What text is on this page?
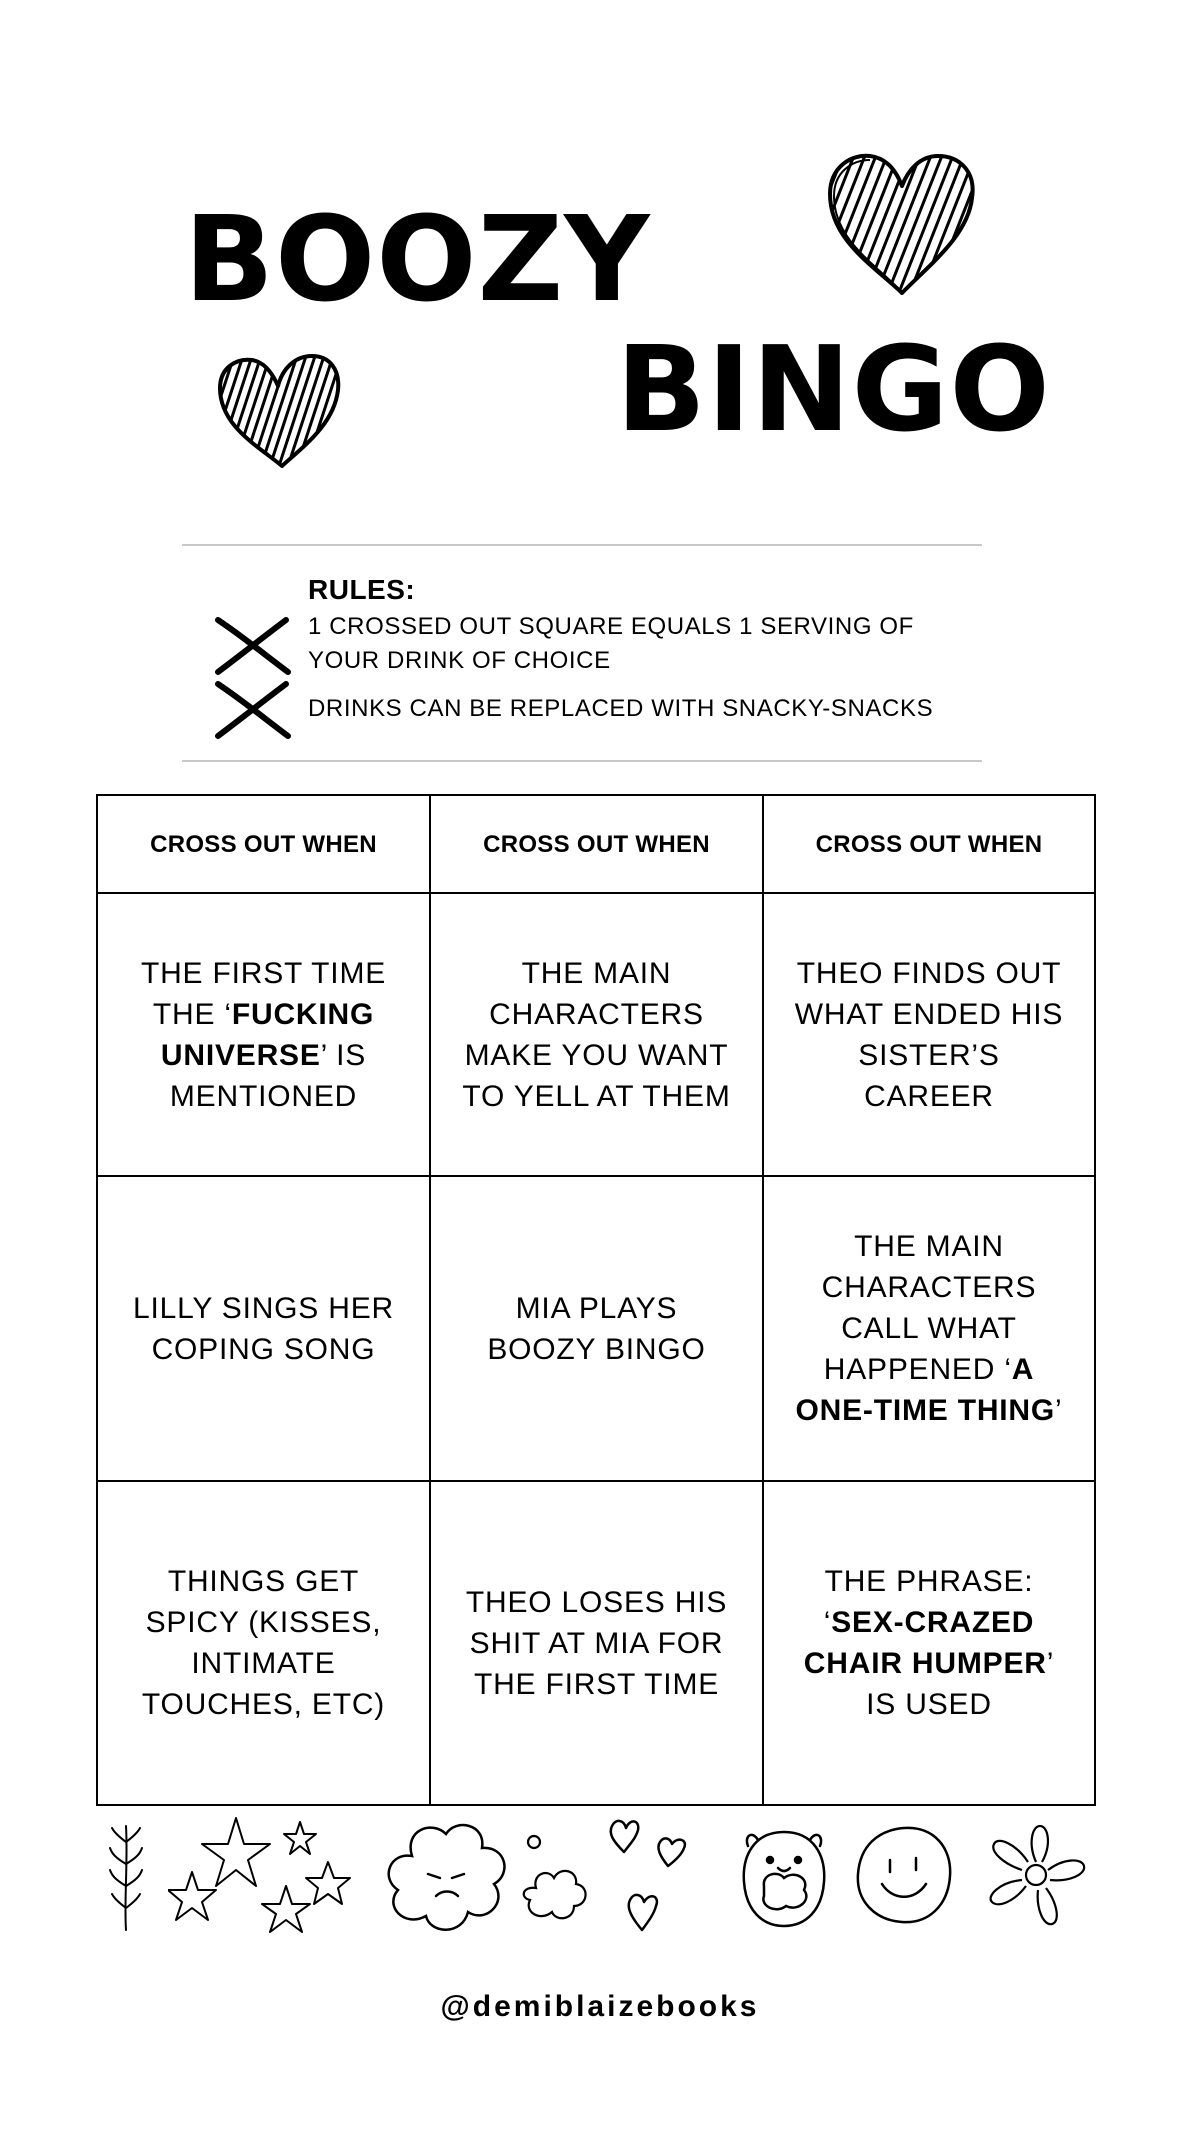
BOOZY
BINGO
RULES:
1 CROSSED OUT SQUARE EQUALS 1 SERVING OF YOUR DRINK OF CHOICE
DRINKS CAN BE REPLACED WITH SNACKY-SNACKS
CROSS OUT WHEN	CROSS OUT WHEN	CROSS OUT WHEN
THE FIRST TIME THE ‘FUCKING UNIVERSE’ IS MENTIONED
THE MAIN CHARACTERS MAKE YOU WANT TO YELL AT THEM
THEO FINDS OUT WHAT ENDED HIS SISTER’S CAREER
LILLY SINGS HER COPING SONG
MIA PLAYS BOOZY BINGO
THE MAIN CHARACTERS CALL WHAT HAPPENED ‘A ONE-TIME THING’
THINGS GET SPICY (KISSES, INTIMATE TOUCHES, ETC)
THEO LOSES HIS SHIT AT MIA FOR THE FIRST TIME
THE PHRASE: ‘SEX-CRAZED CHAIR HUMPER’ IS USED
@demiblaizebooks
